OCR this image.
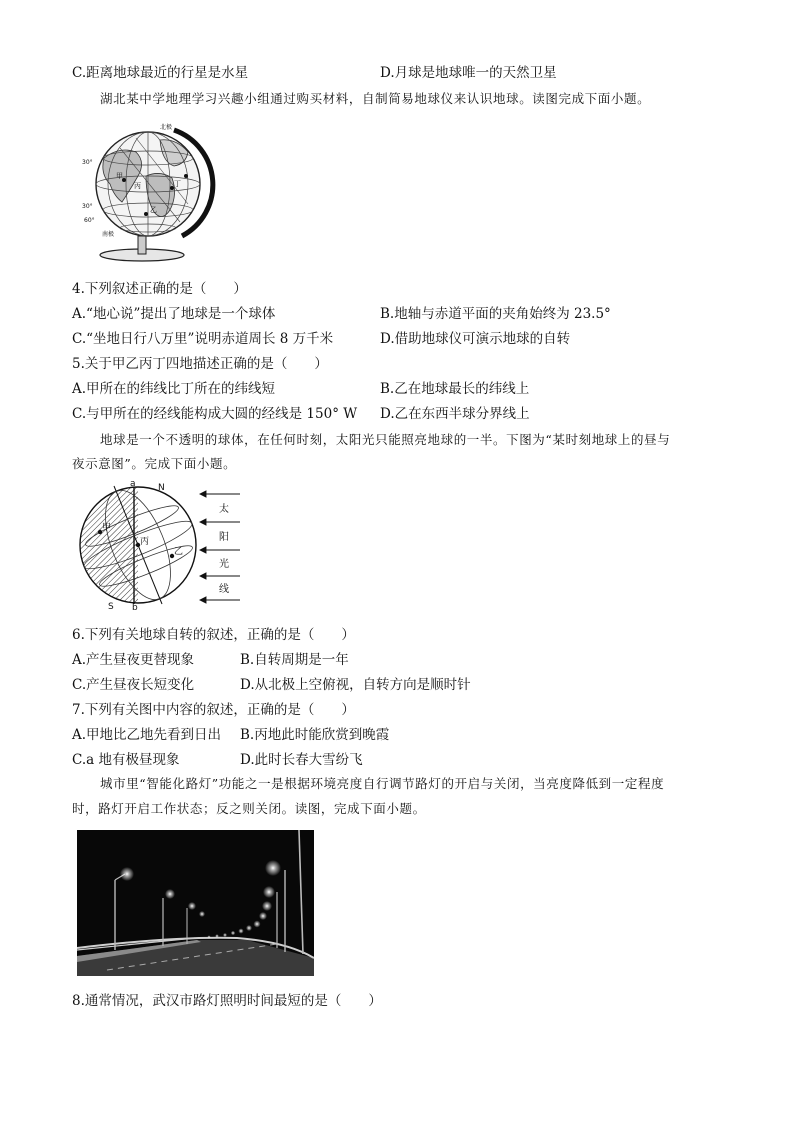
C.距离地球最近的行星是水星	D.月球是地球唯一的天然卫星
湖北某中学地理学习兴趣小组通过购买材料，自制简易地球仪来认识地球。读图完成下面小题。
北极
南极
30°
30°
60°
甲
丁
乙
丙
4.下列叙述正确的是（　　）
A.“地心说”提出了地球是一个球体	B.地轴与赤道平面的夹角始终为 23.5°
C.“坐地日行八万里”说明赤道周长 8 万千米	D.借助地球仪可演示地球的自转
5.关于甲乙丙丁四地描述正确的是（　　）
A.甲所在的纬线比丁所在的纬线短	B.乙在地球最长的纬线上
C.与甲所在的经线能构成大圆的经线是 150° W D.乙在东西半球分界线上
地球是一个不透明的球体，在任何时刻，太阳光只能照亮地球的一半。下图为“某时刻地球上的昼与
夜示意图”。完成下面小题。
a N
S b
甲
丙
乙
太
阳
光
线
6.下列有关地球自转的叙述，正确的是（　　）
A.产生昼夜更替现象	B.自转周期是一年
C.产生昼夜长短变化	D.从北极上空俯视，自转方向是顺时针
7.下列有关图中内容的叙述，正确的是（　　）
A.甲地比乙地先看到日出 B.丙地此时能欣赏到晚霞
C.a 地有极昼现象	D.此时长春大雪纷飞
城市里“智能化路灯”功能之一是根据环境亮度自行调节路灯的开启与关闭，当亮度降低到一定程度
时，路灯开启工作状态；反之则关闭。读图，完成下面小题。
8.通常情况，武汉市路灯照明时间最短的是（　　）
